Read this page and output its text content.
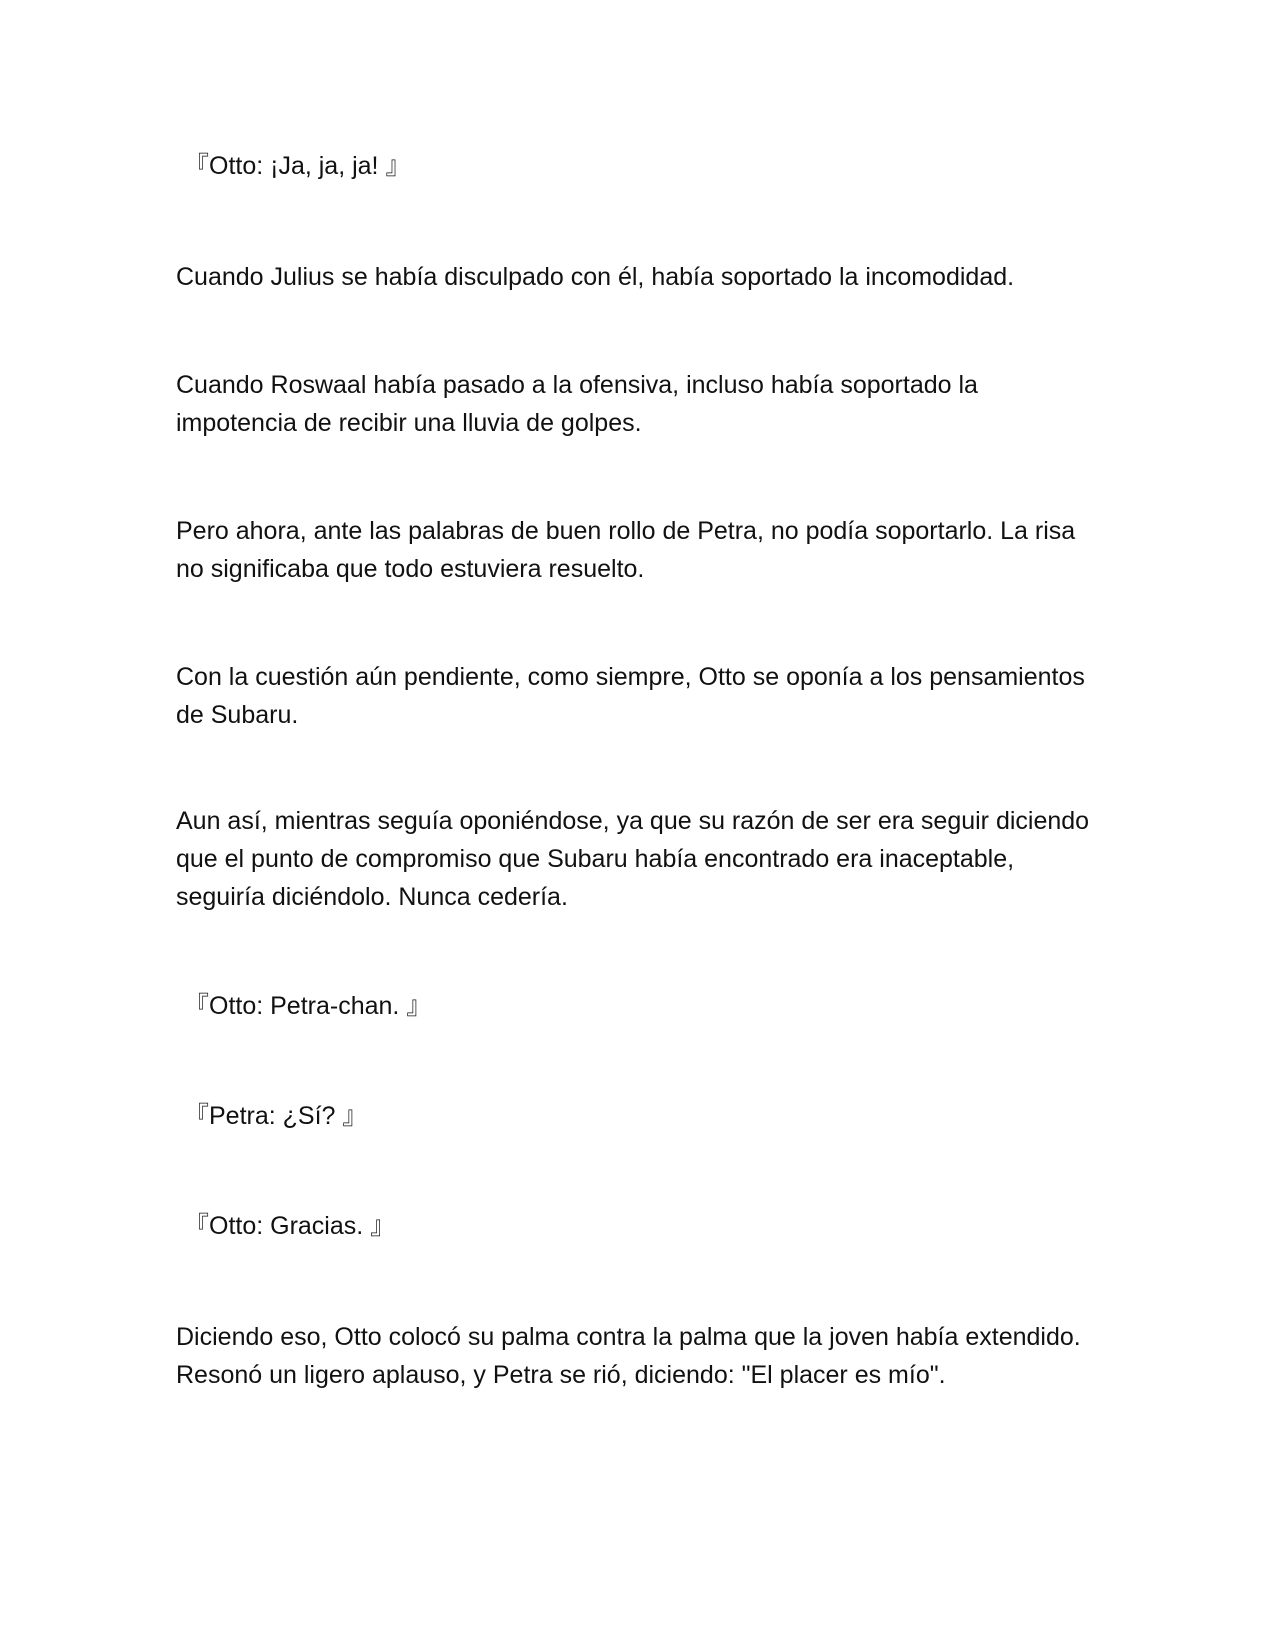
『Otto: ¡Ja, ja, ja! 』

Cuando Julius se había disculpado con él, había soportado la incomodidad.

Cuando Roswaal había pasado a la ofensiva, incluso había soportado la impotencia de recibir una lluvia de golpes.

Pero ahora, ante las palabras de buen rollo de Petra, no podía soportarlo. La risa no significaba que todo estuviera resuelto.

Con la cuestión aún pendiente, como siempre, Otto se oponía a los pensamientos de Subaru.

Aun así, mientras seguía oponiéndose, ya que su razón de ser era seguir diciendo que el punto de compromiso que Subaru había encontrado era inaceptable, seguiría diciéndolo. Nunca cedería.

『Otto: Petra-chan. 』

『Petra: ¿Sí? 』

『Otto: Gracias. 』

Diciendo eso, Otto colocó su palma contra la palma que la joven había extendido. Resonó un ligero aplauso, y Petra se rió, diciendo: "El placer es mío".
